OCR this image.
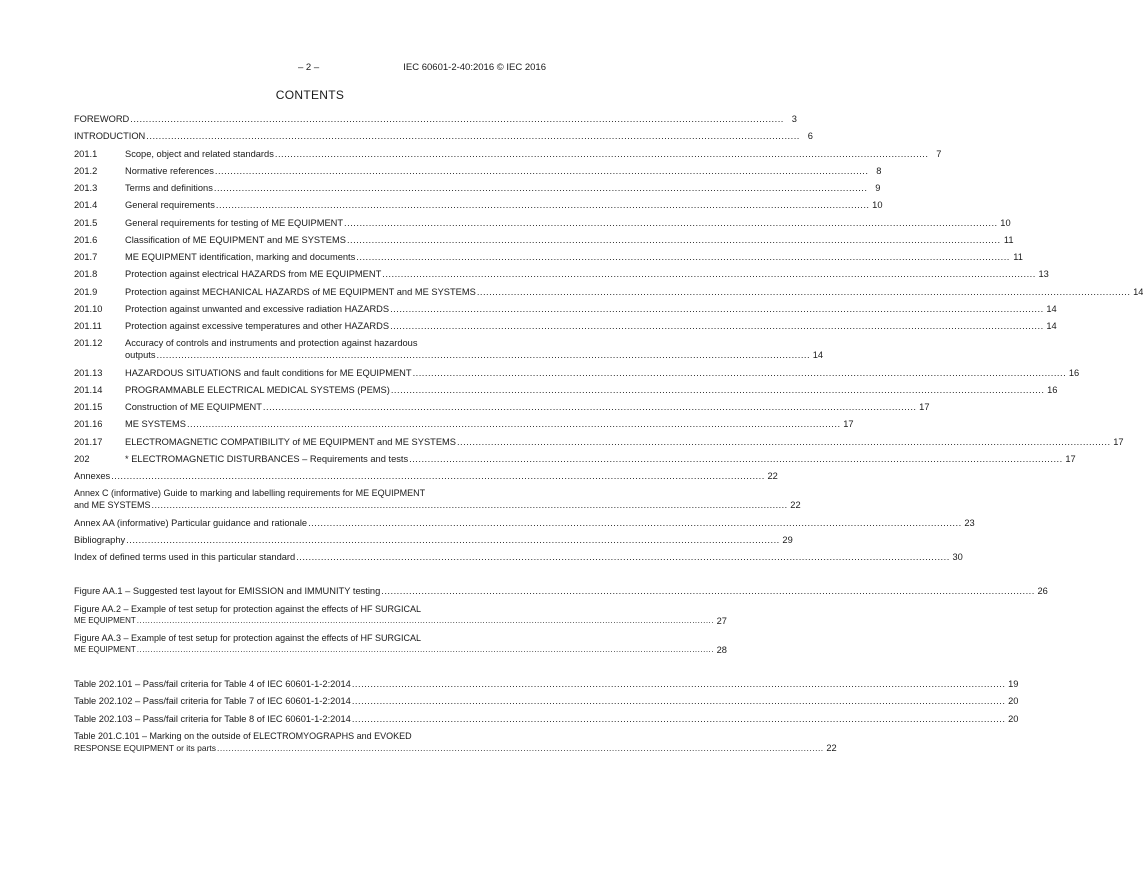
– 2 –	IEC 60601-2-40:2016 © IEC 2016
CONTENTS
FOREWORD .....	3
INTRODUCTION .....	6
201.1	Scope, object and related standards .....	7
201.2	Normative references .....	8
201.3	Terms and definitions .....	9
201.4	General requirements .....	10
201.5	General requirements for testing of ME EQUIPMENT .....	10
201.6	Classification of ME EQUIPMENT and ME SYSTEMS .....	11
201.7	ME EQUIPMENT identification, marking and documents .....	11
201.8	Protection against electrical HAZARDS from ME EQUIPMENT .....	13
201.9	Protection against MECHANICAL HAZARDS of ME EQUIPMENT and ME SYSTEMS .....	14
201.10	Protection against unwanted and excessive radiation HAZARDS .....	14
201.11	Protection against excessive temperatures and other HAZARDS .....	14
201.12	Accuracy of controls and instruments and protection against hazardous
outputs .....	14
201.13	HAZARDOUS SITUATIONS and fault conditions for ME EQUIPMENT .....	16
201.14	PROGRAMMABLE ELECTRICAL MEDICAL SYSTEMS (PEMS) .....	16
201.15	Construction of ME EQUIPMENT .....	17
201.16	ME SYSTEMS .....	17
201.17	ELECTROMAGNETIC COMPATIBILITY of ME EQUIPMENT and ME SYSTEMS .....	17
202	* ELECTROMAGNETIC DISTURBANCES – Requirements and tests .....	17
Annexes .....	22
Annex C (informative) Guide to marking and labelling requirements for ME EQUIPMENT
and ME SYSTEMS .....	22
Annex AA (informative) Particular guidance and rationale .....	23
Bibliography .....	29
Index of defined terms used in this particular standard .....	30
Figure AA.1 – Suggested test layout for EMISSION and IMMUNITY testing .....	26
Figure AA.2 – Example of test setup for protection against the effects of HF SURGICAL
ME EQUIPMENT .....	27
Figure AA.3 – Example of test setup for protection against the effects of HF SURGICAL
ME EQUIPMENT .....	28
Table 202.101 – Pass/fail criteria for Table 4 of IEC 60601-1-2:2014 .....	19
Table 202.102 – Pass/fail criteria for Table 7 of IEC 60601-1-2:2014 .....	20
Table 202.103 – Pass/fail criteria for Table 8 of IEC 60601-1-2:2014 .....	20
Table 201.C.101 – Marking on the outside of ELECTROMYOGRAPHS and EVOKED
RESPONSE EQUIPMENT or its parts .....	22
